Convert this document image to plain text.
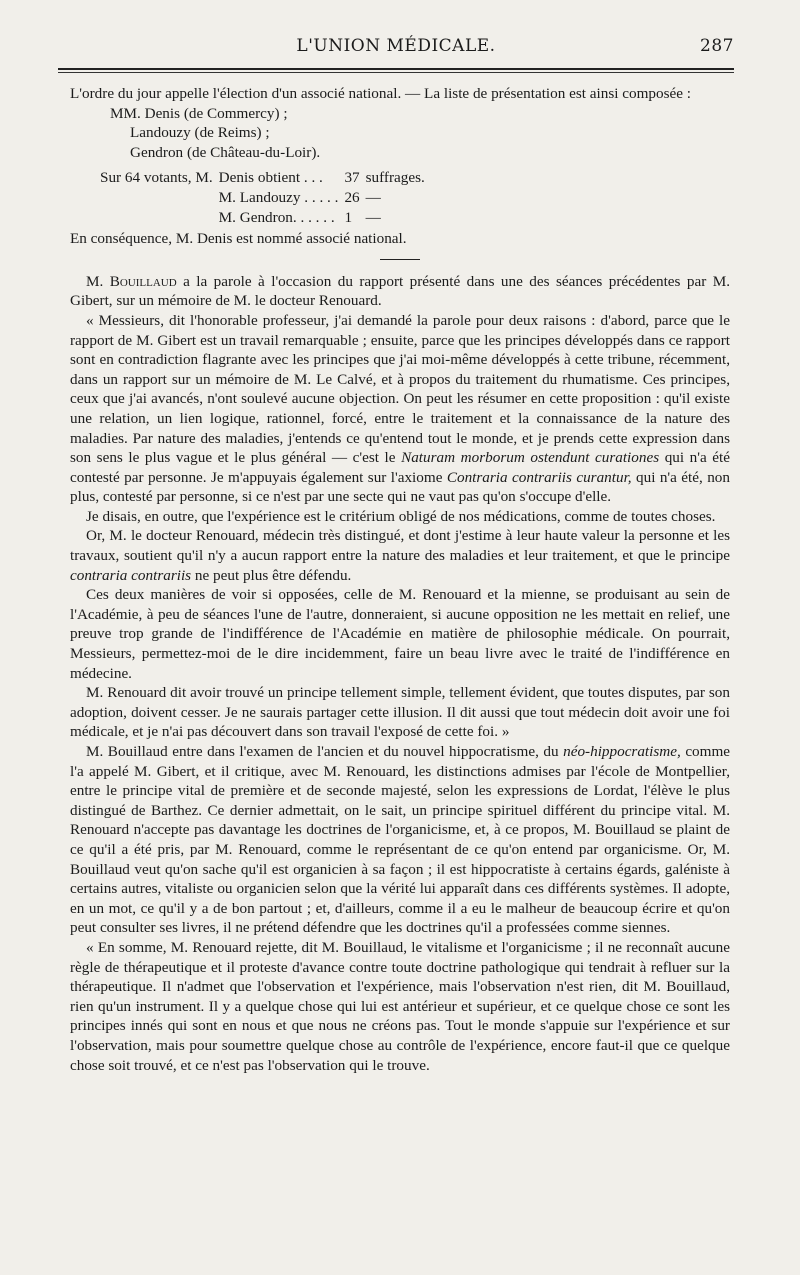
L'UNION MÉDICALE.	287

L'ordre du jour appelle l'élection d'un associé national. — La liste de présentation est ainsi composée :

MM. Denis (de Commercy) ;

Landouzy (de Reims) ;

Gendron (de Château-du-Loir).

Sur 64 votants, M.	Denis obtient . . .	37	suffrages.
	M. Landouzy . . . . .	26	—
	M. Gendron. . . . . .	1	—

En conséquence, M. Denis est nommé associé national.

M. Bouillaud a la parole à l'occasion du rapport présenté dans une des séances précédentes par M. Gibert, sur un mémoire de M. le docteur Renouard.

« Messieurs, dit l'honorable professeur, j'ai demandé la parole pour deux raisons : d'abord, parce que le rapport de M. Gibert est un travail remarquable ; ensuite, parce que les principes développés dans ce rapport sont en contradiction flagrante avec les principes que j'ai moi-même développés à cette tribune, récemment, dans un rapport sur un mémoire de M. Le Calvé, et à propos du traitement du rhumatisme. Ces principes, ceux que j'ai avancés, n'ont soulevé aucune objection. On peut les résumer en cette proposition : qu'il existe une relation, un lien logique, rationnel, forcé, entre le traitement et la connaissance de la nature des maladies. Par nature des maladies, j'entends ce qu'entend tout le monde, et je prends cette expression dans son sens le plus vague et le plus général — c'est le Naturam morborum ostendunt curationes qui n'a été contesté par personne. Je m'appuyais également sur l'axiome Contraria contrariis curantur, qui n'a été, non plus, contesté par personne, si ce n'est par une secte qui ne vaut pas qu'on s'occupe d'elle.

Je disais, en outre, que l'expérience est le critérium obligé de nos médications, comme de toutes choses.

Or, M. le docteur Renouard, médecin très distingué, et dont j'estime à leur haute valeur la personne et les travaux, soutient qu'il n'y a aucun rapport entre la nature des maladies et leur traitement, et que le principe contraria contrariis ne peut plus être défendu.

Ces deux manières de voir si opposées, celle de M. Renouard et la mienne, se produisant au sein de l'Académie, à peu de séances l'une de l'autre, donneraient, si aucune opposition ne les mettait en relief, une preuve trop grande de l'indifférence de l'Académie en matière de philosophie médicale. On pourrait, Messieurs, permettez-moi de le dire incidemment, faire un beau livre avec le traité de l'indifférence en médecine.

M. Renouard dit avoir trouvé un principe tellement simple, tellement évident, que toutes disputes, par son adoption, doivent cesser. Je ne saurais partager cette illusion. Il dit aussi que tout médecin doit avoir une foi médicale, et je n'ai pas découvert dans son travail l'exposé de cette foi. »

M. Bouillaud entre dans l'examen de l'ancien et du nouvel hippocratisme, du néo-hippocratisme, comme l'a appelé M. Gibert, et il critique, avec M. Renouard, les distinctions admises par l'école de Montpellier, entre le principe vital de première et de seconde majesté, selon les expressions de Lordat, l'élève le plus distingué de Barthez. Ce dernier admettait, on le sait, un principe spirituel différent du principe vital. M. Renouard n'accepte pas davantage les doctrines de l'organicisme, et, à ce propos, M. Bouillaud se plaint de ce qu'il a été pris, par M. Renouard, comme le représentant de ce qu'on entend par organicisme. Or, M. Bouillaud veut qu'on sache qu'il est organicien à sa façon ; il est hippocratiste à certains égards, galéniste à certains autres, vitaliste ou organicien selon que la vérité lui apparaît dans ces différents systèmes. Il adopte, en un mot, ce qu'il y a de bon partout ; et, d'ailleurs, comme il a eu le malheur de beaucoup écrire et qu'on peut consulter ses livres, il ne prétend défendre que les doctrines qu'il a professées comme siennes.

« En somme, M. Renouard rejette, dit M. Bouillaud, le vitalisme et l'organicisme ; il ne reconnaît aucune règle de thérapeutique et il proteste d'avance contre toute doctrine pathologique qui tendrait à refluer sur la thérapeutique. Il n'admet que l'observation et l'expérience, mais l'observation n'est rien, dit M. Bouillaud, rien qu'un instrument. Il y a quelque chose qui lui est antérieur et supérieur, et ce quelque chose ce sont les principes innés qui sont en nous et que nous ne créons pas. Tout le monde s'appuie sur l'expérience et sur l'observation, mais pour soumettre quelque chose au contrôle de l'expérience, encore faut-il que ce quelque chose soit trouvé, et ce n'est pas l'observation qui le trouve.
